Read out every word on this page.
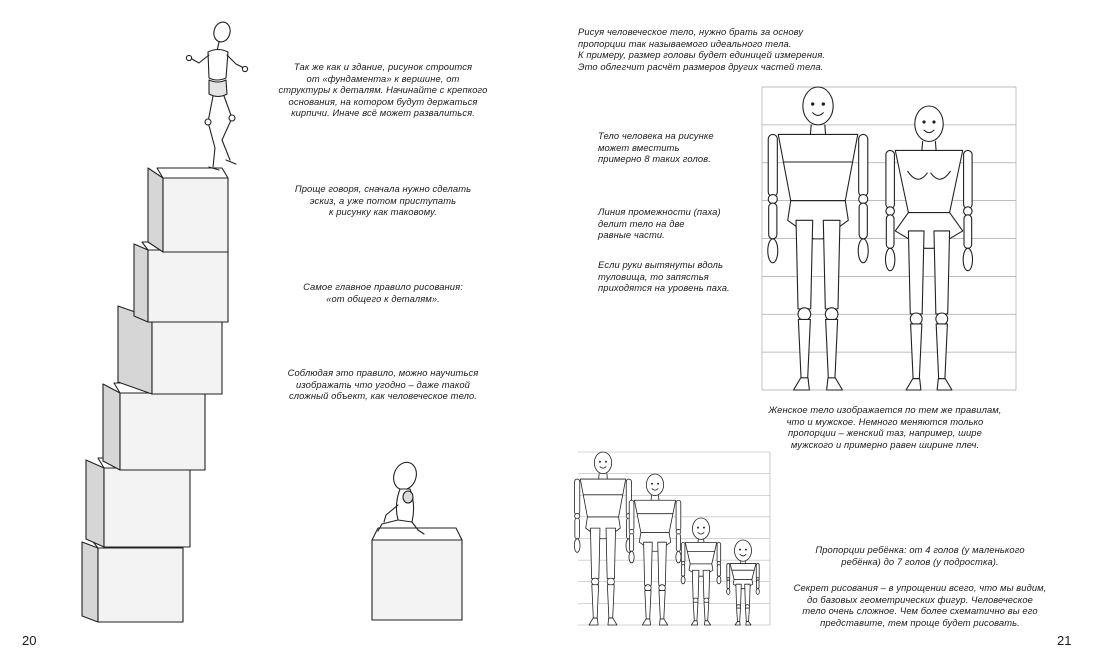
Так же как и здание, рисунок строится
от «фундамента» к вершине, от
структуры к деталям. Начинайте с крепкого
основания, на котором будут держаться
кирпичи. Иначе всё может развалиться.
Проще говоря, сначала нужно сделать
эскиз, а уже потом приступать
к рисунку как таковому.
Самое главное правило рисования:
«от общего к деталям».
Соблюдая это правило, можно научиться
изображать что угодно – даже такой
сложный объект, как человеческое тело.
20
Рисуя человеческое тело, нужно брать за основу
пропорции так называемого идеального тела.
К примеру, размер головы будет единицей измерения.
Это облегчит расчёт размеров других частей тела.
Тело человека на рисунке
может вместить
примерно 8 таких голов.
Линия промежности (паха)
делит тело на две
равные части.
Если руки вытянуты вдоль
туловища, то запястья
приходятся на уровень паха.
Женское тело изображается по тем же правилам,
что и мужское. Немного меняются только
пропорции – женский таз, например, шире
мужского и примерно равен ширине плеч.
Пропорции ребёнка: от 4 голов (у маленького
ребёнка) до 7 голов (у подростка).
Секрет рисования – в упрощении всего, что мы видим,
до базовых геометрических фигур. Человеческое
тело очень сложное. Чем более схематично вы его
представите, тем проще будет рисовать.
21
